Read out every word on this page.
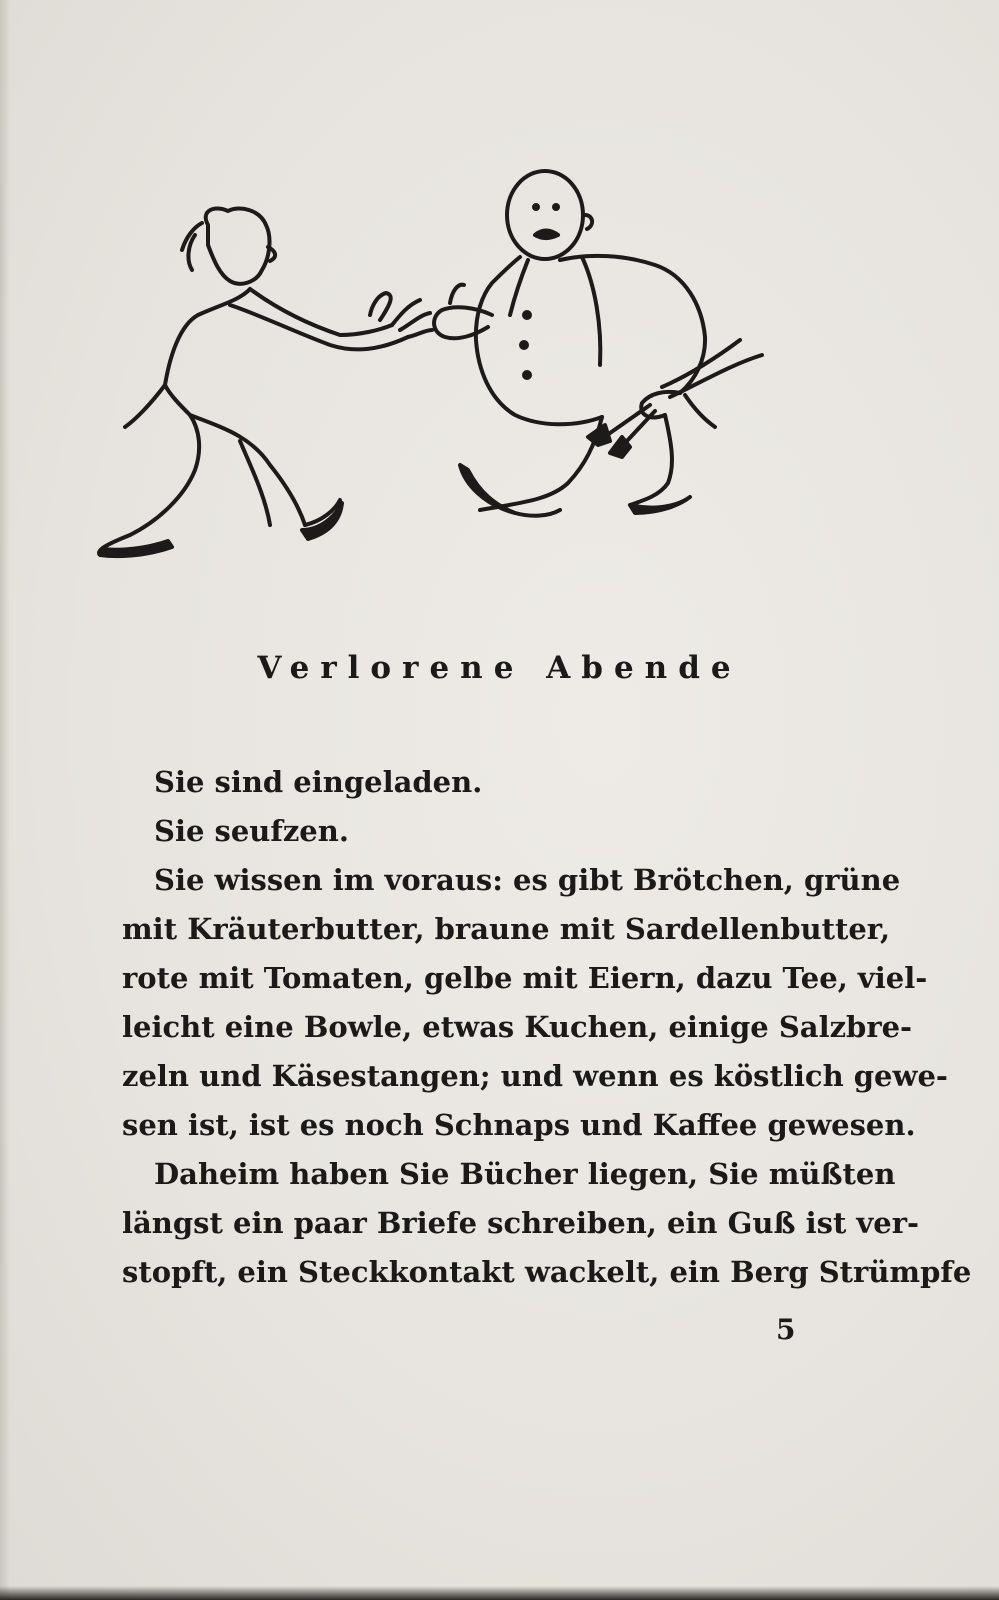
Verlorene Abende
Sie sind eingeladen.
Sie seufzen.
Sie wissen im voraus: es gibt Brötchen, grüne
mit Kräuterbutter, braune mit Sardellenbutter,
rote mit Tomaten, gelbe mit Eiern, dazu Tee, viel-
leicht eine Bowle, etwas Kuchen, einige Salzbre-
zeln und Käsestangen; und wenn es köstlich gewe-
sen ist, ist es noch Schnaps und Kaffee gewesen.
Daheim haben Sie Bücher liegen, Sie müßten
längst ein paar Briefe schreiben, ein Guß ist ver-
stopft, ein Steckkontakt wackelt, ein Berg Strümpfe
5
